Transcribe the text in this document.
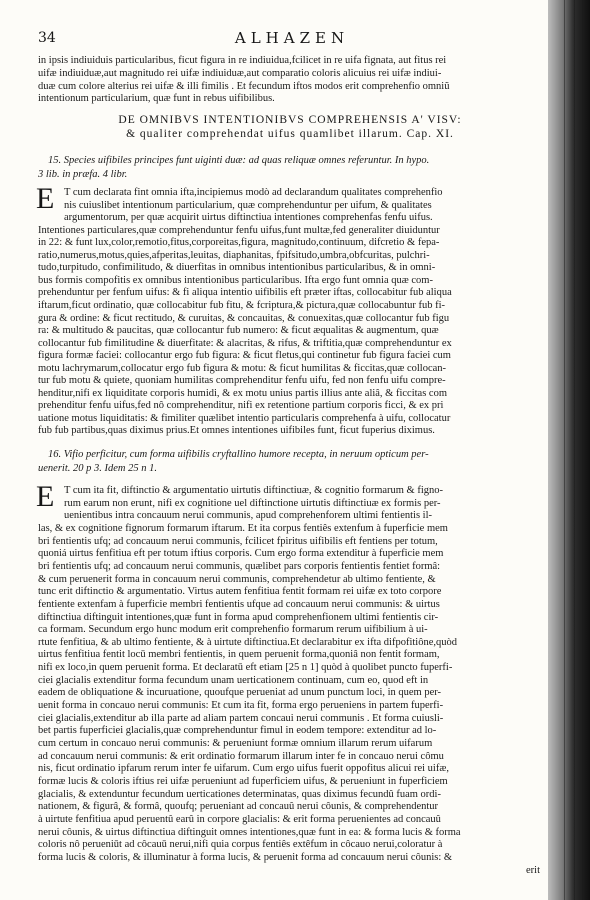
34	ALHAZEN
in ipsis indiuiduis particularibus, ficut figura in re indiuidua,fcilicet in re uifa fignata, aut fitus rei
uifæ indiuiduæ,aut magnitudo rei uifæ indiuiduæ,aut comparatio coloris alicuius rei uifæ indiui-
duæ cum colore alterius rei uifæ & illi fimilis . Et fecundum iftos modos erit comprehenfio omniũ
intentionum particularium, quæ funt in rebus uifibilibus.
DE OMNIBVS INTENTIONIBVS COMPREHENSIS A' VISV:
& qualiter comprehendat uifus quamlibet illarum. Cap. XI.
15. Species uifibiles principes funt uiginti duæ: ad quas reliquæ omnes referuntur. In hypo.
3 lib. in præfa. 4 libr.
E T cum declarata fint omnia ifta,incipiemus modò ad declarandum qualitates comprehenfio
nis cuiuslibet intentionum particularium, quæ comprehenduntur per uifum, & qualitates
argumentorum, per quæ acquirit uirtus diftinctiua intentiones comprehenfas fenfu uifus.
Intentiones particulares,quæ comprehenduntur fenfu uifus,funt multæ,fed generaliter diuiduntur
in 22: & funt lux,color,remotio,fitus,corporeitas,figura, magnitudo,continuum, difcretio & fepa-
ratio,numerus,motus,quies,afperitas,leuitas, diaphanitas, fpifsitudo,umbra,obfcuritas, pulchri-
tudo,turpitudo, confimilitudo, & diuerfitas in omnibus intentionibus particularibus, & in omni-
bus formis compofitis ex omnibus intentionibus particularibus. Ifta ergo funt omnia quæ com-
prehenduntur per fenfum uifus: & fi aliqua intentio uifibilis eft præter iftas, collocabitur fub aliqua
iftarum,ficut ordinatio, quæ collocabitur fub fitu, & fcriptura,& pictura,quæ collocabuntur fub fi-
gura & ordine: & ficut rectitudo, & curuitas, & concauitas, & conuexitas,quæ collocantur fub figu
ra: & multitudo & paucitas, quæ collocantur fub numero: & ficut æqualitas & augmentum, quæ
collocantur fub fimilitudine & diuerfitate: & alacritas, & rifus, & triftitia,quæ comprehenduntur ex
figura formæ faciei: collocantur ergo fub figura: & ficut fletus,qui continetur fub figura faciei cum
motu lachrymarum,collocatur ergo fub figura & motu: & ficut humilitas & ficcitas,quæ collocan-
tur fub motu & quiete, quoniam humilitas comprehenditur fenfu uifu, fed non fenfu uifu compre-
henditur,nifi ex liquiditate corporis humidi, & ex motu unius partis illius ante aliâ, & ficcitas com
prehenditur fenfu uifus,fed nô comprehenditur, nifi ex retentione partium corporis ficci, & ex pri
uatione motus liquiditatis: & fimiliter quælibet intentio particularis comprehenfa à uifu, collocatur
fub fub partibus,quas diximus prius.Et omnes intentiones uifibiles funt, ficut fuperius diximus.
16. Vifio perficitur, cum forma uifibilis cryftallino humore recepta, in neruum opticum per-
uenerit. 20 p 3. Idem 25 n 1.
E T cum ita fit, diftinctio & argumentatio uirtutis diftinctiuæ, & cognitio formarum & figno-
rum earum non erunt, nifi ex cognitione uel diftinctione uirtutis diftinctiuæ ex formis per-
uenientibus intra concauum nerui communis, apud comprehenforem ultimi fentientis il-
las, & ex cognitione fignorum formarum iftarum. Et ita corpus fentiês extenfum à fuperficie mem
bri fentientis ufq; ad concauum nerui communis, fcilicet fpiritus uifibilis eft fentiens per totum,
quoniá uirtus fenfitiua eft per totum iftius corporis. Cum ergo forma extenditur à fuperficie mem
bri fentientis ufq; ad concauum nerui communis, quælibet pars corporis fentientis fentiet formâ:
& cum peruenerit forma in concauum nerui communis, comprehendetur ab ultimo fentiente, &
tunc erit diftinctio & argumentatio. Virtus autem fenfitiua fentit formam rei uifæ ex toto corpore
fentiente extenfam à fuperficie membri fentientis ufque ad concauum nerui communis: & uirtus
diftinctiua diftinguit intentiones,quæ funt in forma apud comprehenfionem ultimi fentientis cir-
ca formam. Secundum ergo hunc modum erit comprehenfio formarum rerum uifibilium à ui-
rtute fenfitiua, & ab ultimo fentiente, & à uirtute diftinctiua.Et declarabitur ex ifta difpofitiône,quòd
uirtus fenfitiua fentit locū membri fentientis, in quem peruenit forma,quoniâ non fentit formam,
nifi ex loco,in quem peruenit forma. Et declaratū eft etiam [25 n 1] quòd à quolibet puncto fuperfi-
ciei glacialis extenditur forma fecundum unam uerticationem continuam, cum eo, quod eft in
eadem de obliquatione & incuruatione, quoufque perueniat ad unum punctum loci, in quem per-
uenit forma in concauo nerui communis: Et cum ita fit, forma ergo perueniens in partem fuperfi-
ciei glacialis,extenditur ab illa parte ad aliam partem concaui nerui communis . Et forma cuiusli-
bet partis fuperficiei glacialis,quæ comprehenduntur fimul in eodem tempore: extenditur ad lo-
cum certum in concauo nerui communis: & perueniunt formæ omnium illarum rerum uifarum
ad concauum nerui communis: & erit ordinatio formarum illarum inter fe in concauo nerui cômu
nis, ficut ordinatio ipfarum rerum inter fe uifarum. Cum ergo uifus fuerit oppofitus alicui rei uifæ,
formæ lucis & coloris iftius rei uifæ perueniunt ad fuperficiem uifus, & perueniunt in fuperficiem
glacialis, & extenduntur fecundum uerticationes determinatas, quas diximus fecundû fuam ordi-
nationem, & figurâ, & formâ, quoufq; perueniant ad concauû nerui côunis, & comprehendentur
à uirtute fenfitiua apud peruentû earû in corpore glacialis: & erit forma peruenientes ad concauû
nerui côunis, & uirtus diftinctiua diftinguit omnes intentiones,quæ funt in ea: & forma lucis & forma
coloris nô perueniūt ad côcauū nerui,nifi quia corpus fentiês extêfum in côcauo nerui,coloratur à
forma lucis & coloris, & illuminatur à forma lucis, & peruenit forma ad concauum nerui côunis: &
erit
